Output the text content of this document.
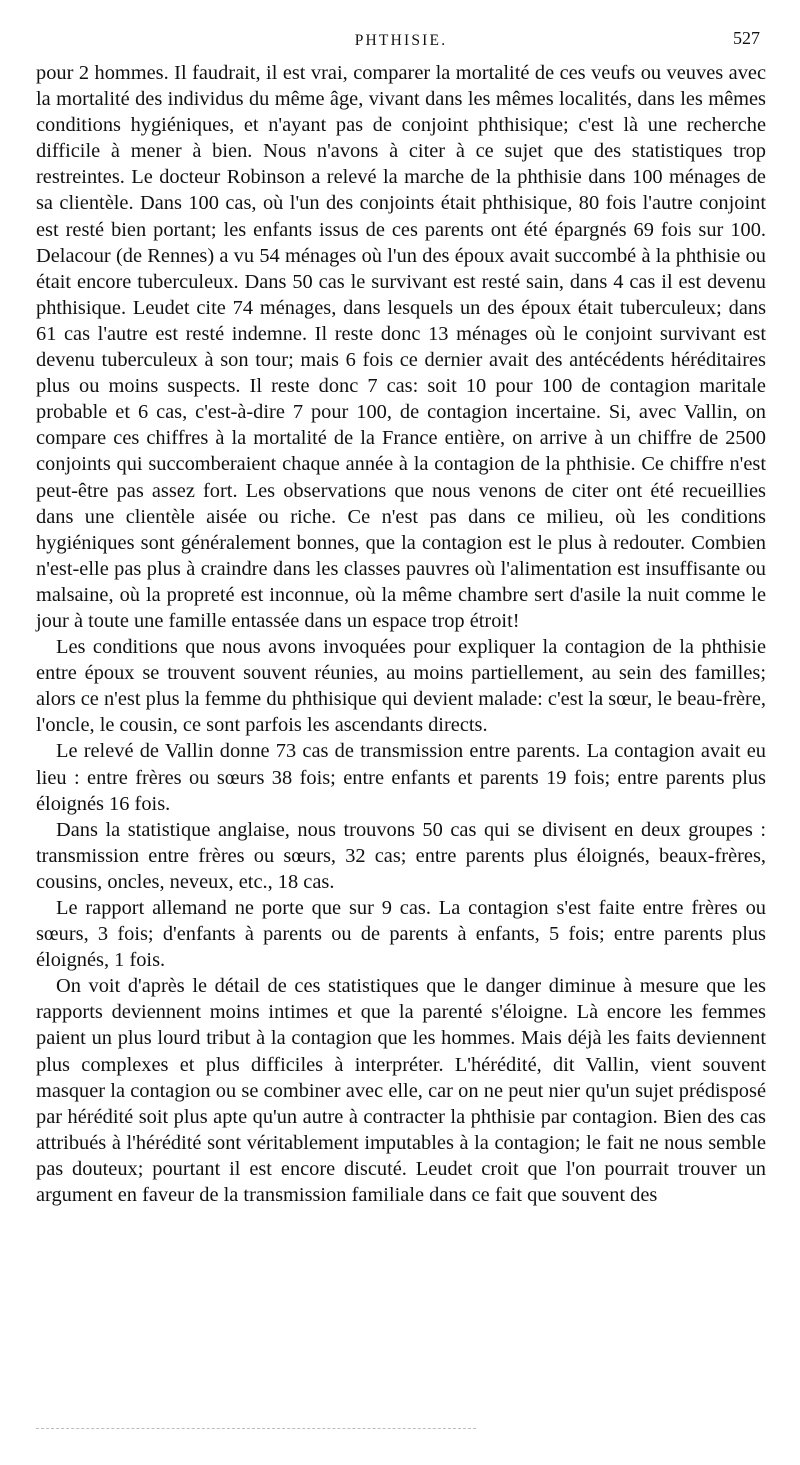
PHTHISIE.	527

pour 2 hommes. Il faudrait, il est vrai, comparer la mortalité de ces veufs ou veuves avec la mortalité des individus du même âge, vivant dans les mêmes localités, dans les mêmes conditions hygiéniques, et n'ayant pas de conjoint phthisique; c'est là une recherche difficile à mener à bien. Nous n'avons à citer à ce sujet que des statistiques trop restreintes. Le docteur Robinson a relevé la marche de la phthisie dans 100 ménages de sa clientèle. Dans 100 cas, où l'un des conjoints était phthisique, 80 fois l'autre conjoint est resté bien portant; les enfants issus de ces parents ont été épargnés 69 fois sur 100. Delacour (de Rennes) a vu 54 ménages où l'un des époux avait succombé à la phthisie ou était encore tuberculeux. Dans 50 cas le survivant est resté sain, dans 4 cas il est devenu phthisique. Leudet cite 74 ménages, dans lesquels un des époux était tuberculeux; dans 61 cas l'autre est resté indemne. Il reste donc 13 ménages où le conjoint survivant est devenu tuberculeux à son tour; mais 6 fois ce dernier avait des antécédents héréditaires plus ou moins suspects. Il reste donc 7 cas: soit 10 pour 100 de contagion maritale probable et 6 cas, c'est-à-dire 7 pour 100, de contagion incertaine. Si, avec Vallin, on compare ces chiffres à la mortalité de la France entière, on arrive à un chiffre de 2500 conjoints qui succomberaient chaque année à la contagion de la phthisie. Ce chiffre n'est peut-être pas assez fort. Les observations que nous venons de citer ont été recueillies dans une clientèle aisée ou riche. Ce n'est pas dans ce milieu, où les conditions hygiéniques sont généralement bonnes, que la contagion est le plus à redouter. Combien n'est-elle pas plus à craindre dans les classes pauvres où l'alimentation est insuffisante ou malsaine, où la propreté est inconnue, où la même chambre sert d'asile la nuit comme le jour à toute une famille entassée dans un espace trop étroit!

Les conditions que nous avons invoquées pour expliquer la contagion de la phthisie entre époux se trouvent souvent réunies, au moins partiellement, au sein des familles; alors ce n'est plus la femme du phthisique qui devient malade: c'est la sœur, le beau-frère, l'oncle, le cousin, ce sont parfois les ascendants directs.

Le relevé de Vallin donne 73 cas de transmission entre parents. La contagion avait eu lieu : entre frères ou sœurs 38 fois; entre enfants et parents 19 fois; entre parents plus éloignés 16 fois.

Dans la statistique anglaise, nous trouvons 50 cas qui se divisent en deux groupes : transmission entre frères ou sœurs, 32 cas; entre parents plus éloignés, beaux-frères, cousins, oncles, neveux, etc., 18 cas.

Le rapport allemand ne porte que sur 9 cas. La contagion s'est faite entre frères ou sœurs, 3 fois; d'enfants à parents ou de parents à enfants, 5 fois; entre parents plus éloignés, 1 fois.

On voit d'après le détail de ces statistiques que le danger diminue à mesure que les rapports deviennent moins intimes et que la parenté s'éloigne. Là encore les femmes paient un plus lourd tribut à la contagion que les hommes. Mais déjà les faits deviennent plus complexes et plus difficiles à interpréter. L'hérédité, dit Vallin, vient souvent masquer la contagion ou se combiner avec elle, car on ne peut nier qu'un sujet prédisposé par hérédité soit plus apte qu'un autre à contracter la phthisie par contagion. Bien des cas attribués à l'hérédité sont véritablement imputables à la contagion; le fait ne nous semble pas douteux; pourtant il est encore discuté. Leudet croit que l'on pourrait trouver un argument en faveur de la transmission familiale dans ce fait que souvent des
